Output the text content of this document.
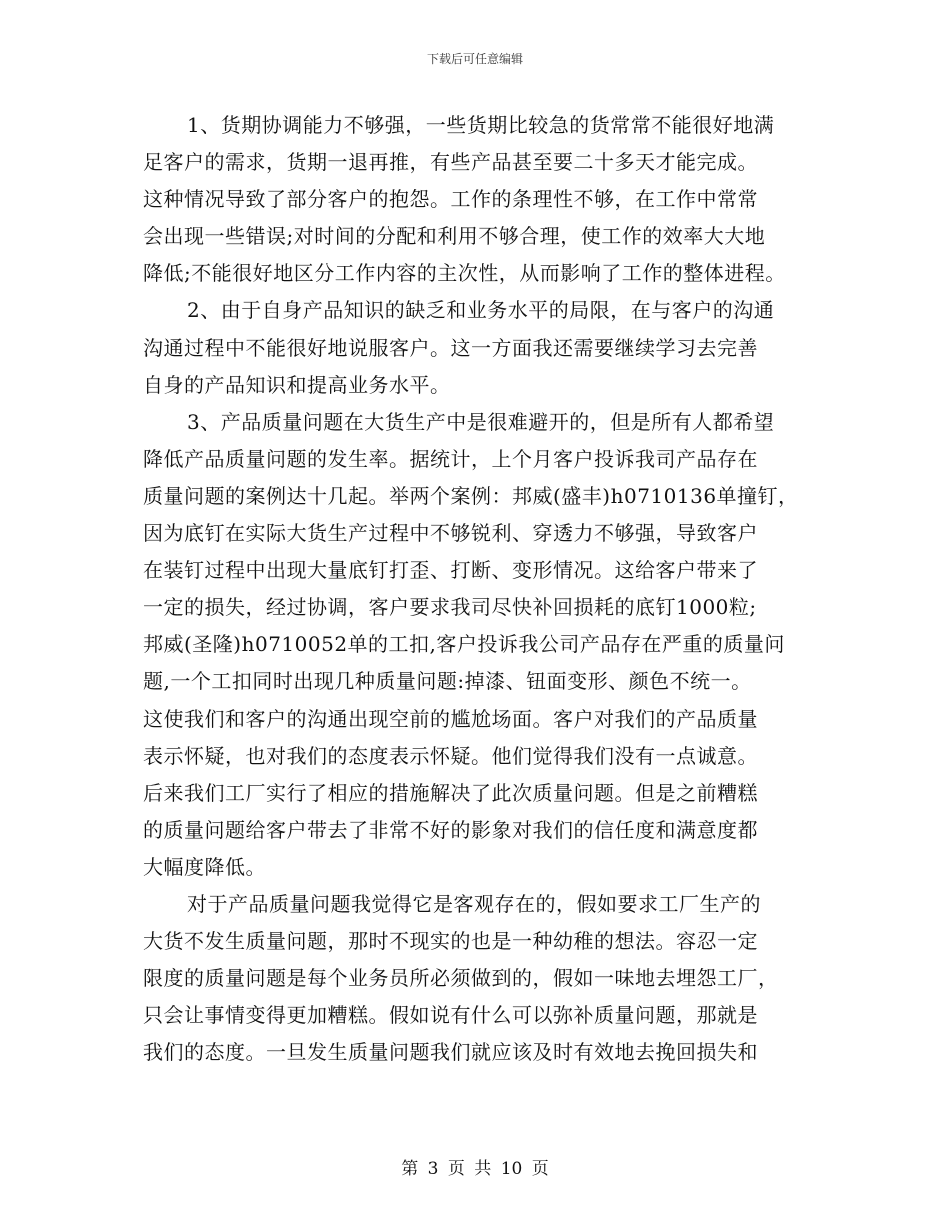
下载后可任意编辑
1、货期协调能力不够强，一些货期比较急的货常常不能很好地满
足客户的需求，货期一退再推，有些产品甚至要二十多天才能完成。
这种情况导致了部分客户的抱怨。工作的条理性不够，在工作中常常
会出现一些错误;对时间的分配和利用不够合理，使工作的效率大大地
降低;不能很好地区分工作内容的主次性，从而影响了工作的整体进程。
2、由于自身产品知识的缺乏和业务水平的局限，在与客户的沟通
沟通过程中不能很好地说服客户。这一方面我还需要继续学习去完善
自身的产品知识和提高业务水平。
3、产品质量问题在大货生产中是很难避开的，但是所有人都希望
降低产品质量问题的发生率。据统计，上个月客户投诉我司产品存在
质量问题的案例达十几起。举两个案例：邦威(盛丰)h0710136单撞钉，
因为底钉在实际大货生产过程中不够锐利、穿透力不够强，导致客户
在装钉过程中出现大量底钉打歪、打断、变形情况。这给客户带来了
一定的损失，经过协调，客户要求我司尽快补回损耗的底钉1000粒;
邦威(圣隆)h0710052单的工扣,客户投诉我公司产品存在严重的质量问
题,一个工扣同时出现几种质量问题:掉漆、钮面变形、颜色不统一。
这使我们和客户的沟通出现空前的尴尬场面。客户对我们的产品质量
表示怀疑，也对我们的态度表示怀疑。他们觉得我们没有一点诚意。
后来我们工厂实行了相应的措施解决了此次质量问题。但是之前糟糕
的质量问题给客户带去了非常不好的影象对我们的信任度和满意度都
大幅度降低。
对于产品质量问题我觉得它是客观存在的，假如要求工厂生产的
大货不发生质量问题，那时不现实的也是一种幼稚的想法。容忍一定
限度的质量问题是每个业务员所必须做到的，假如一味地去埋怨工厂，
只会让事情变得更加糟糕。假如说有什么可以弥补质量问题，那就是
我们的态度。一旦发生质量问题我们就应该及时有效地去挽回损失和
第 3 页 共 10 页
